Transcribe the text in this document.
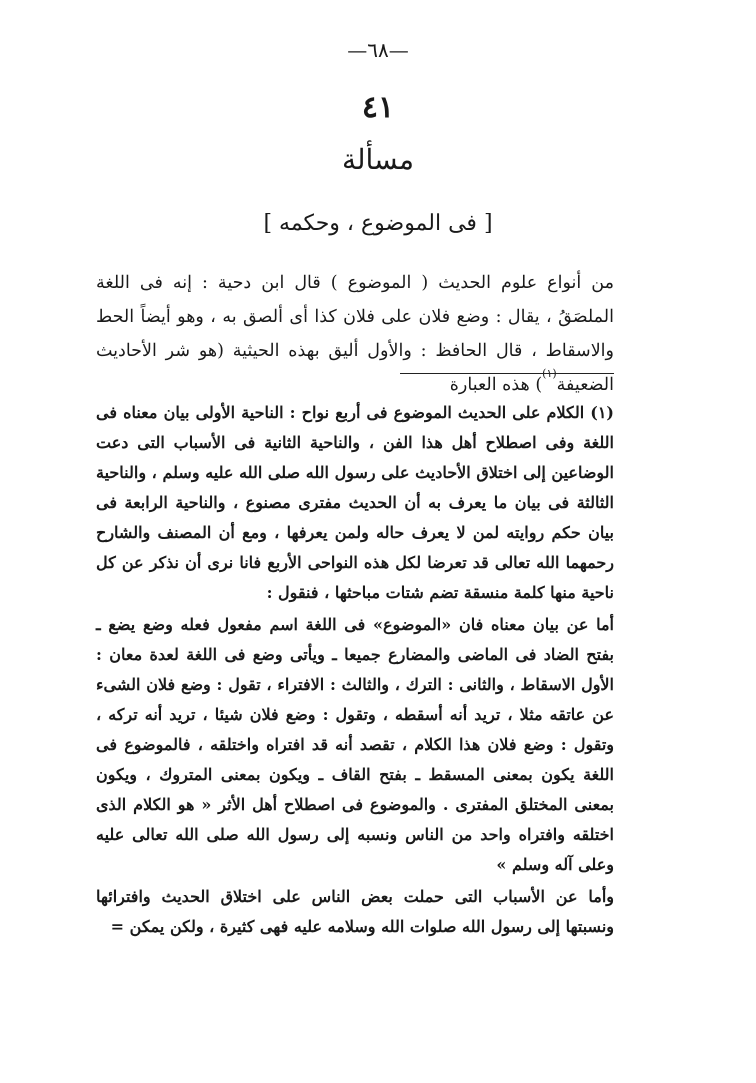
—٦٨—
٤١
مسألة
[ فى الموضوع ، وحكمه ]

من أنواع علوم الحديث ( الموضوع ) قال ابن دحية : إنه فى اللغة الملصَقُ ، يقال : وضع فلان على فلان كذا أى ألصق به ، وهو أيضاً الحط والاسقاط ، قال الحافظ : والأول أليق بهذه الحيثية (هو شر الأحاديث الضعيفة$^{(١)}$) هذه العبارة

(١) الكلام على الحديث الموضوع فى أربع نواح : الناحية الأولى بيان معناه فى اللغة وفى اصطلاح أهل هذا الفن ، والناحية الثانية فى الأسباب التى دعت الوضاعين إلى اختلاق الأحاديث على رسول الله صلى الله عليه وسلم ، والناحية الثالثة فى بيان ما يعرف به أن الحديث مفترى مصنوع ، والناحية الرابعة فى بيان حكم روايته لمن لا يعرف حاله ولمن يعرفها ، ومع أن المصنف والشارح رحمهما الله تعالى قد تعرضا لكل هذه النواحى الأربع فانا نرى أن نذكر عن كل ناحية منها كلمة منسقة تضم شتات مباحثها ، فنقول :

أما عن بيان معناه فان «الموضوع» فى اللغة اسم مفعول فعله وضع يضع ـ بفتح الضاد فى الماضى والمضارع جميعا ـ ويأتى وضع فى اللغة لعدة معان : الأول الاسقاط ، والثانى : الترك ، والثالث : الافتراء ، تقول : وضع فلان الشىء عن عاتقه مثلا ، تريد أنه أسقطه ، وتقول : وضع فلان شيئا ، تريد أنه تركه ، وتقول : وضع فلان هذا الكلام ، تقصد أنه قد افتراه واختلقه ، فالموضوع فى اللغة يكون بمعنى المسقط ـ بفتح القاف ـ ويكون بمعنى المتروك ، ويكون بمعنى المختلق المفترى . والموضوع فى اصطلاح أهل الأثر « هو الكلام الذى اختلقه وافتراه واحد من الناس ونسبه إلى رسول الله صلى الله تعالى عليه وعلى آله وسلم »

وأما عن الأسباب التى حملت بعض الناس على اختلاق الحديث وافترائها ونسبتها إلى رسول الله صلوات الله وسلامه عليه فهى كثيرة ، ولكن يمكن =
